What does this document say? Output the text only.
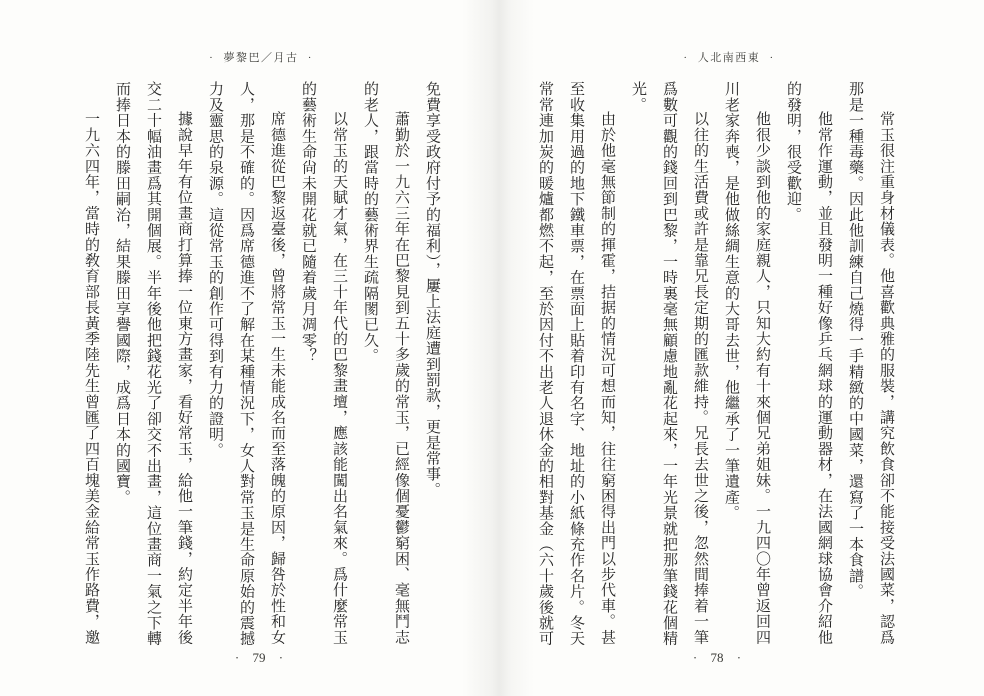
· 夢黎巴／月古 ·

免費享受政府付予的福利），屢上法庭遭到罰款，更是常事。

蕭勤於一九六三年在巴黎見到五十多歲的常玉，已經像個憂鬱窮困、毫無鬥志

的老人，跟當時的藝術界生疏隔閡已久。

以常玉的天賦才氣，在三十年代的巴黎畫壇，應該能闖出名氣來。爲什麼常玉

的藝術生命尙未開花就已隨着歲月凋零？

席德進從巴黎返臺後，曾將常玉一生未能成名而至落魄的原因，歸咎於性和女

人，那是不確的。因爲席德進不了解在某種情況下，女人對常玉是生命原始的震撼

力及靈思的泉源。這從常玉的創作可得到有力的證明。

據說早年有位畫商打算捧一位東方畫家，看好常玉，給他一筆錢，約定半年後

交二十幅油畫爲其開個展。半年後他把錢花光了卻交不出畫，這位畫商一氣之下轉

而捧日本的滕田嗣治，結果滕田享譽國際，成爲日本的國寶。

一九六四年，當時的敎育部長黃季陸先生曾匯了四百塊美金給常玉作路費，邀

· 79 ·
· 人北南西東 ·

常玉很注重身材儀表。他喜歡典雅的服裝，講究飲食卻不能接受法國菜，認爲

那是一種毒藥。因此他訓練自己燒得一手精緻的中國菜，還寫了一本食譜。

他常作運動，並且發明一種好像乒乓網球的運動器材，在法國網球協會介紹他

的發明，很受歡迎。

他很少談到他的家庭親人，只知大約有十來個兄弟姐妹。一九四〇年曾返回四

川老家奔喪，是他做絲綢生意的大哥去世，他繼承了一筆遺產。

以往的生活費或許是靠兄長定期的匯款維持。兄長去世之後，忽然間捧着一筆

爲數可觀的錢回到巴黎，一時裏毫無顧慮地亂花起來，一年光景就把那筆錢花個精

光。

由於他毫無節制的揮霍，拮据的情況可想而知，往往窮困得出門以步代車。甚

至收集用過的地下鐵車票，在票面上貼着印有名字、地址的小紙條充作名片。冬天

常常連加炭的暖爐都燃不起，至於因付不出老人退休金的相對基金（六十歲後就可

· 78 ·
